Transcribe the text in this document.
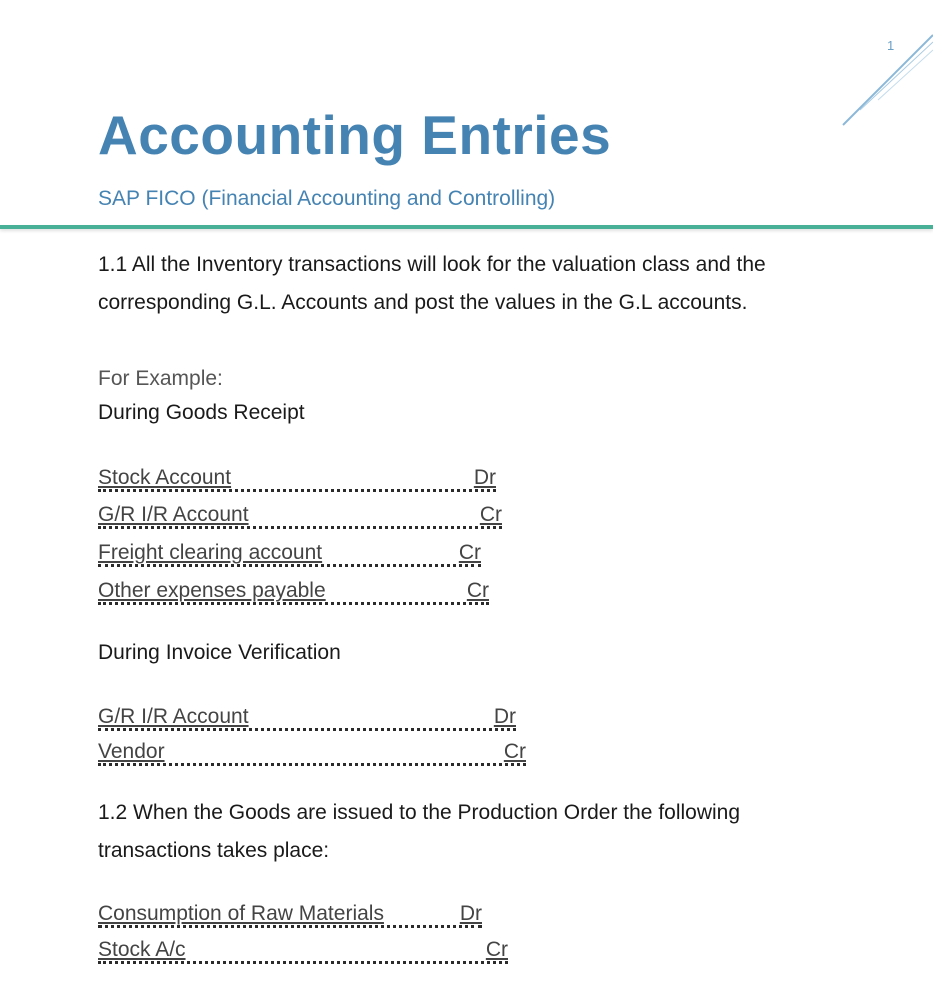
1
Accounting Entries
SAP FICO (Financial Accounting and Controlling)

1.1 All the Inventory transactions will look for the valuation class and the
corresponding G.L. Accounts and post the values in the G.L accounts.

For Example:
During Goods Receipt
Stock Account	Dr
G/R I/R Account	Cr
Freight clearing account	Cr
Other expenses payable	Cr
During Invoice Verification
G/R I/R Account	Dr
Vendor	Cr

1.2 When the Goods are issued to the Production Order the following
transactions takes place:

Consumption of Raw Materials	Dr
Stock A/c	Cr
